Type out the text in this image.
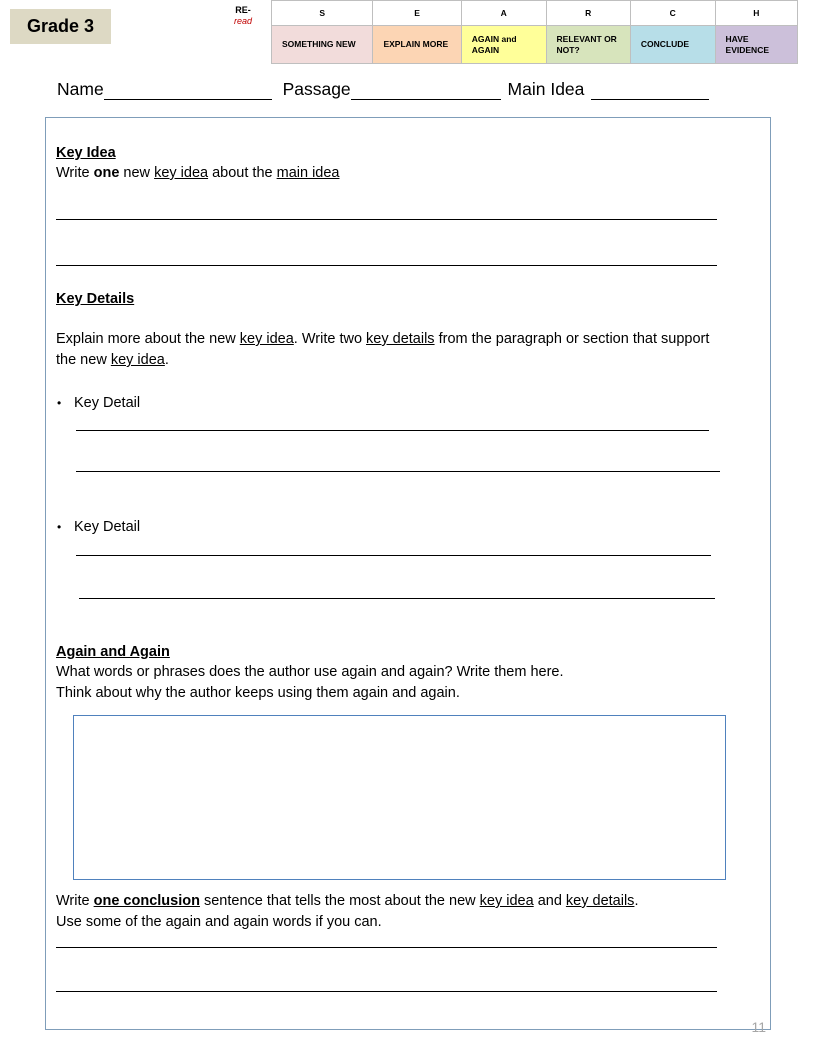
Grade 3
RE-
read
S	E	A	R	C	H
SOMETHING NEW	EXPLAIN MORE	AGAIN and AGAIN	RELEVANT OR NOT?	CONCLUDE	HAVE EVIDENCE
Name	Passage	Main Idea
Key Idea
Write one new key idea about the main idea
Key Details
Explain more about the new key idea. Write two key details from the paragraph or section that support the new key idea.
• Key Detail
• Key Detail
Again and Again
What words or phrases does the author use again and again? Write them here.
Think about why the author keeps using them again and again.
Write one conclusion sentence that tells the most about the new key idea and key details.
Use some of the again and again words if you can.
11
